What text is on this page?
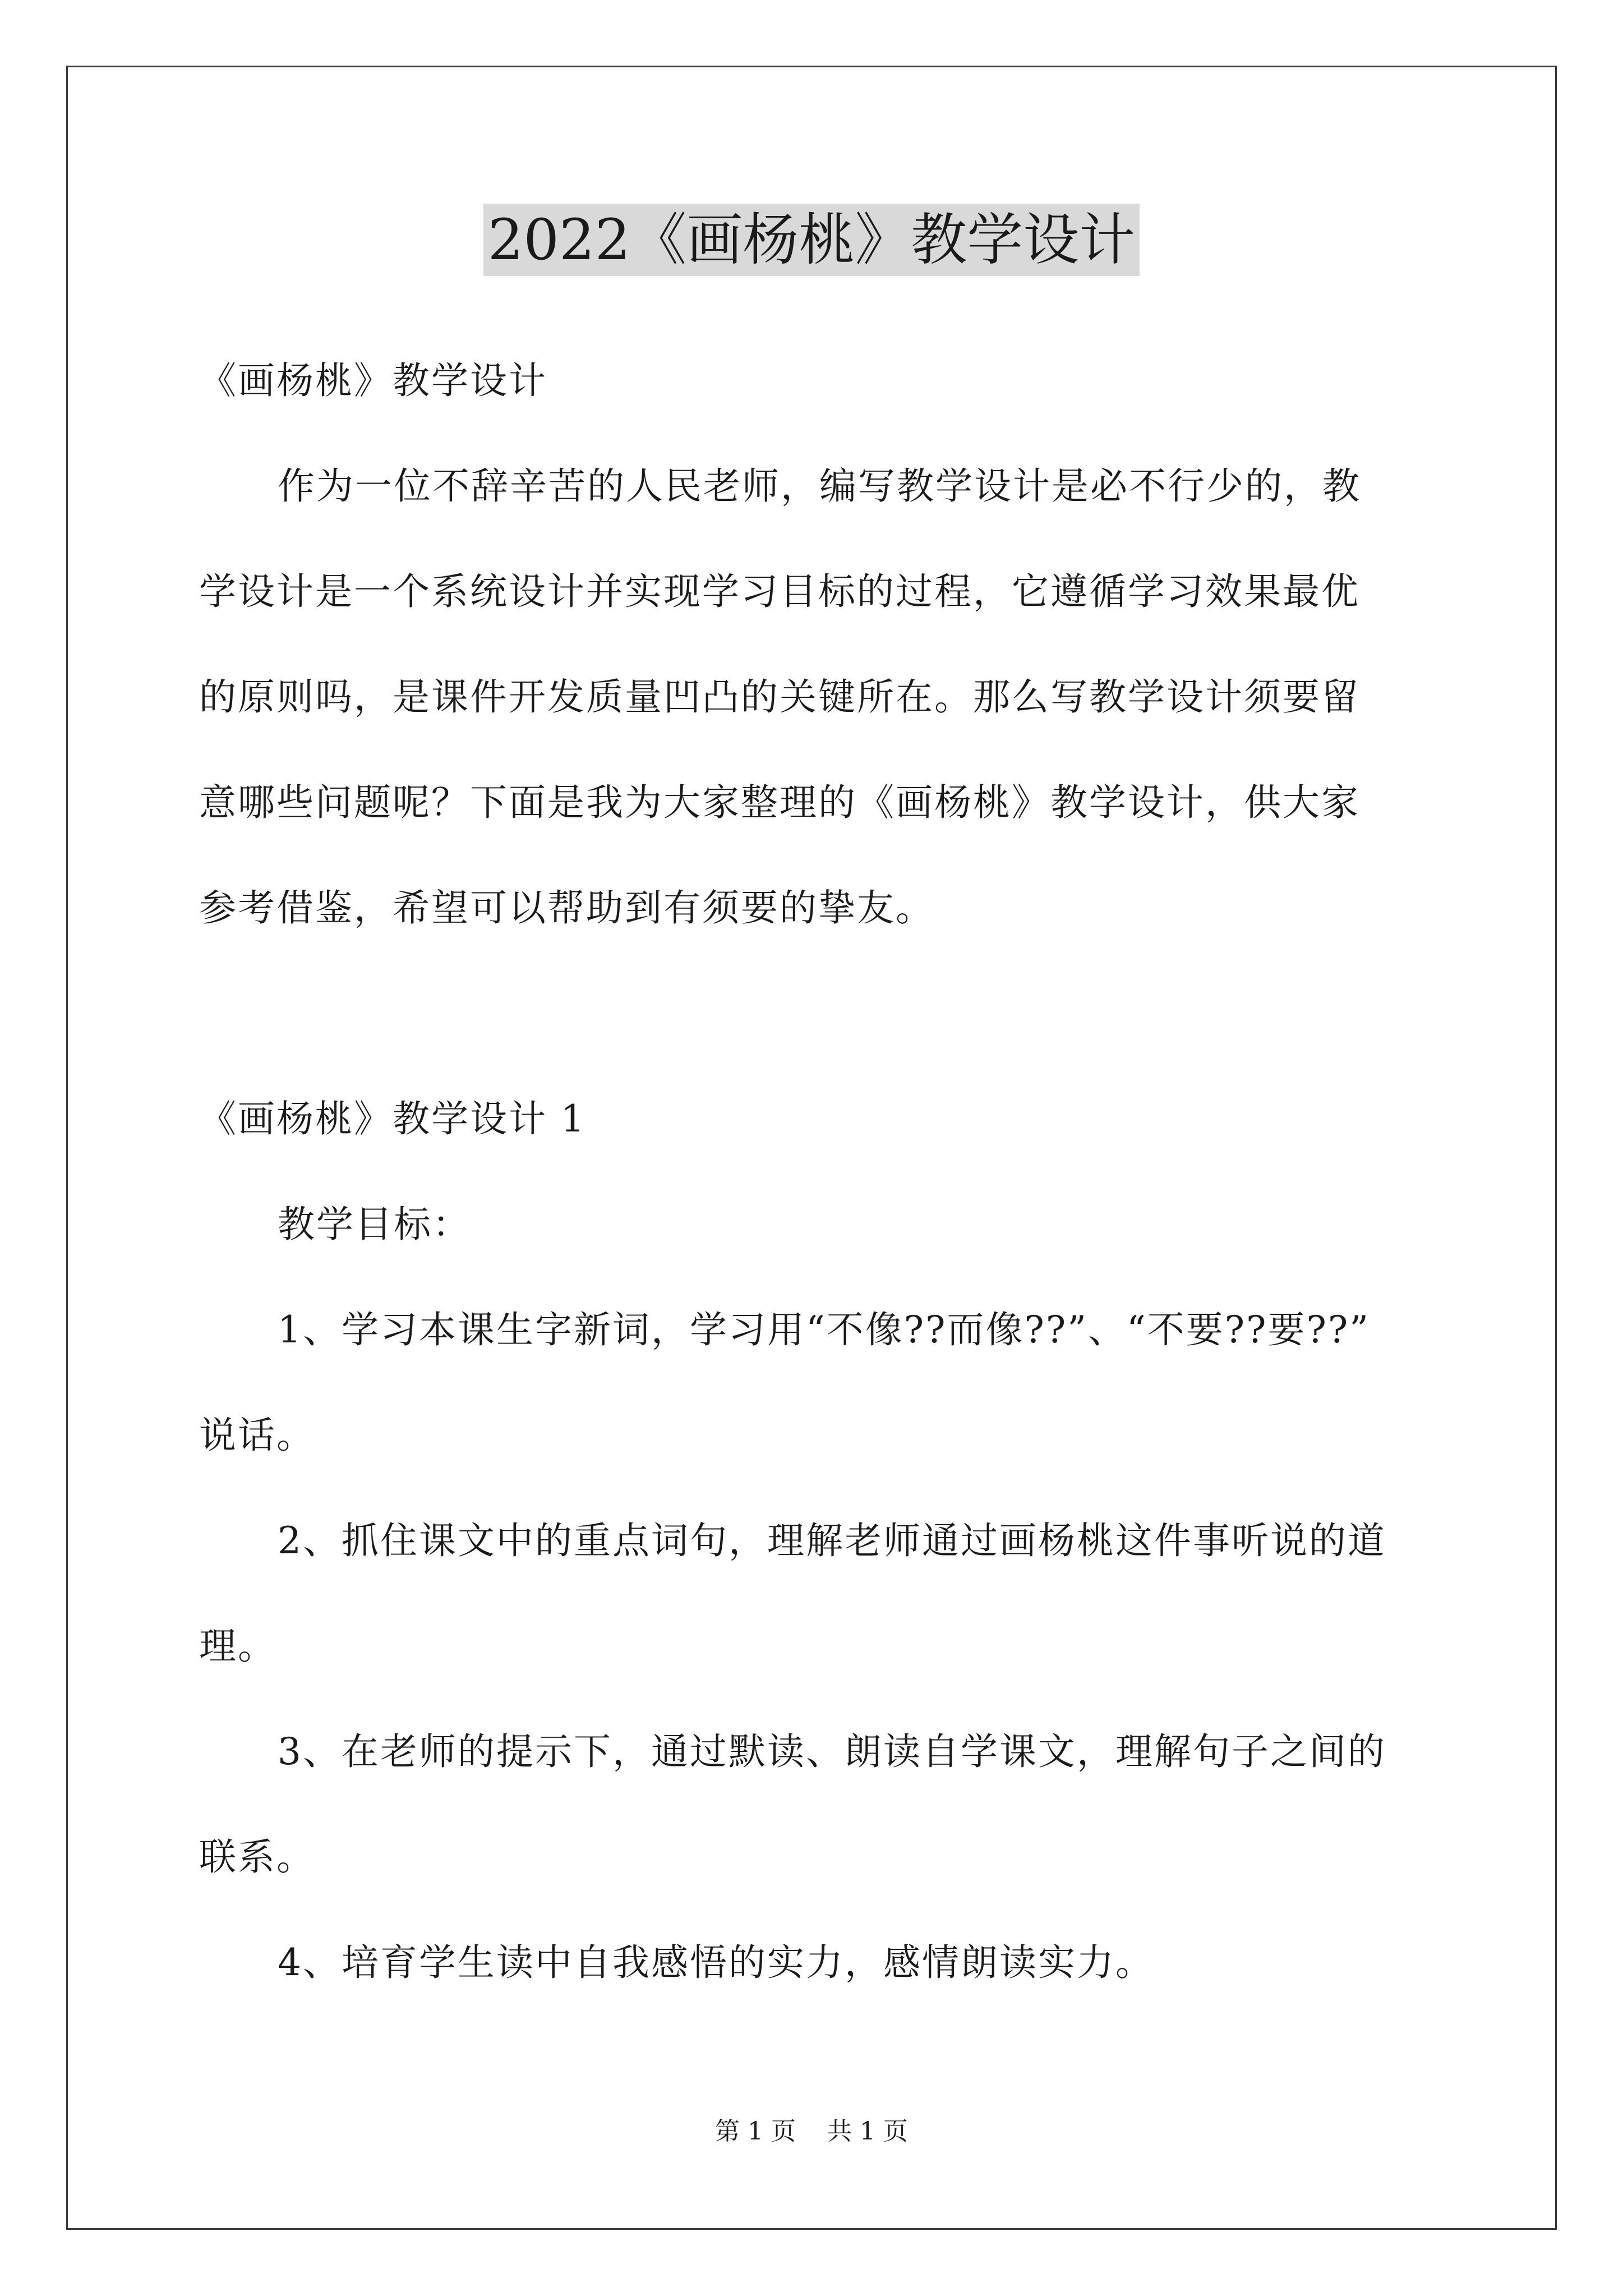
2022《画杨桃》教学设计
《画杨桃》教学设计
作为一位不辞辛苦的人民老师，编写教学设计是必不行少的，教
学设计是一个系统设计并实现学习目标的过程，它遵循学习效果最优
的原则吗，是课件开发质量凹凸的关键所在。那么写教学设计须要留
意哪些问题呢？下面是我为大家整理的《画杨桃》教学设计，供大家
参考借鉴，希望可以帮助到有须要的挚友。
《画杨桃》教学设计 1
教学目标：
1、学习本课生字新词，学习用“不像??而像??”、“不要??要??”
说话。
2、抓住课文中的重点词句，理解老师通过画杨桃这件事听说的道
理。
3、在老师的提示下，通过默读、朗读自学课文，理解句子之间的
联系。
4、培育学生读中自我感悟的实力，感情朗读实力。
第 1 页    共 1 页
